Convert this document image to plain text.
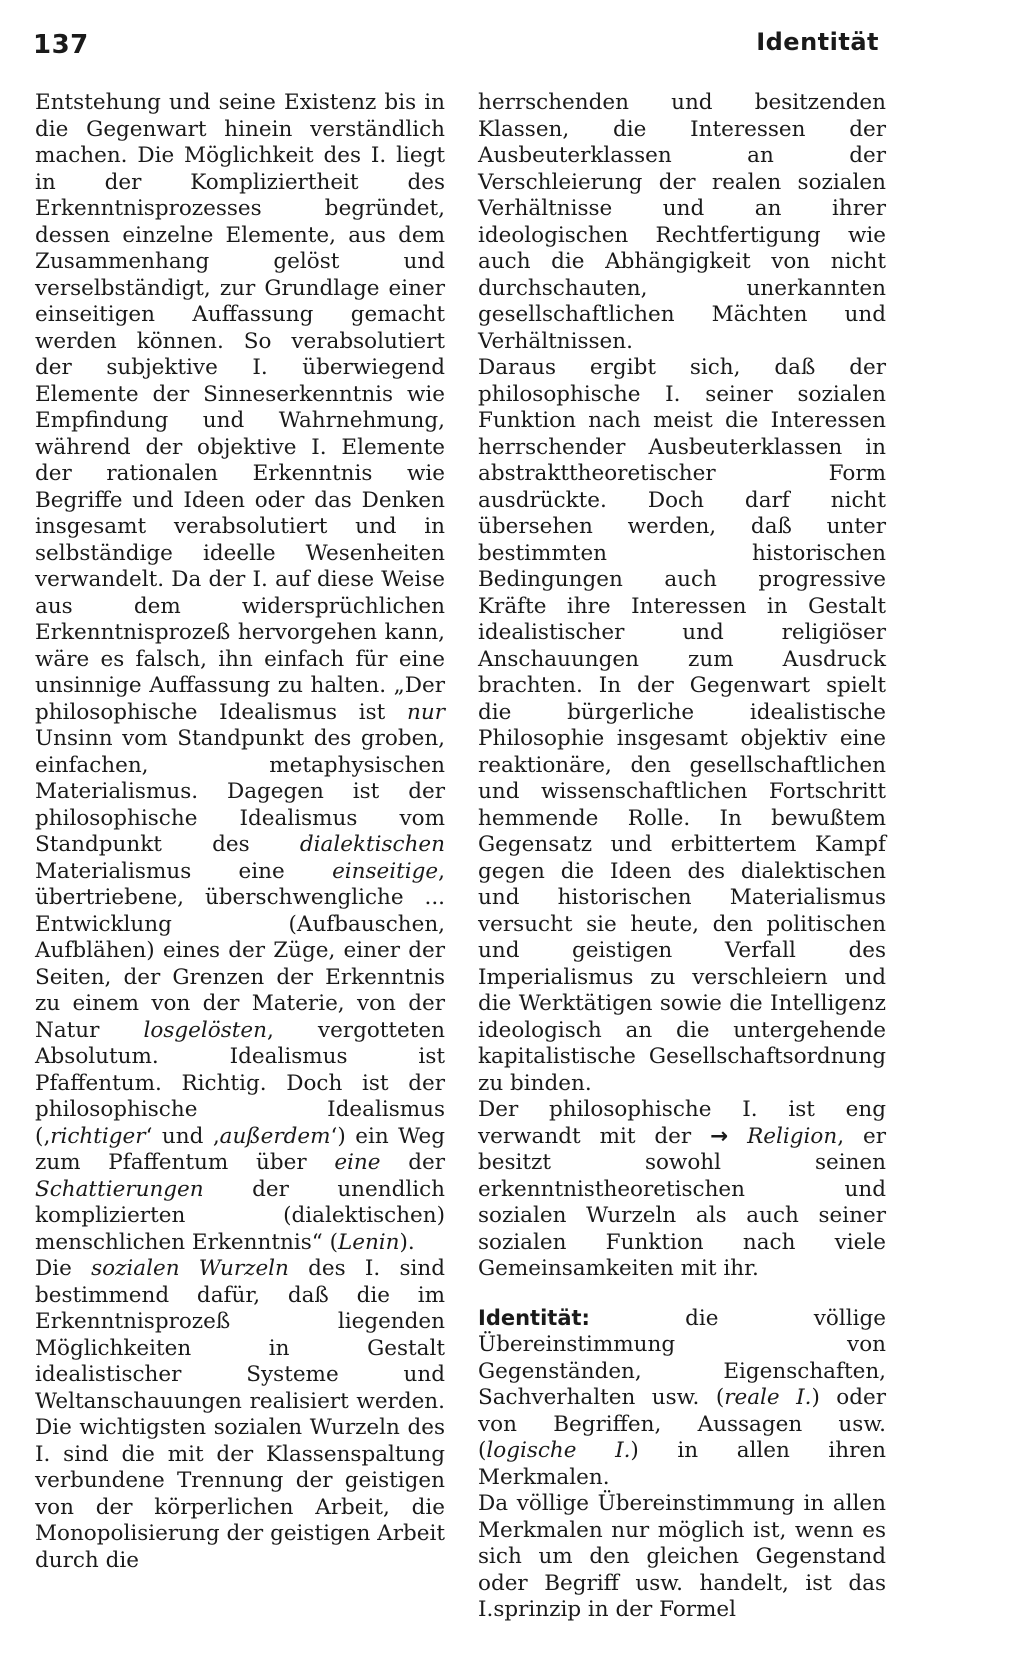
137	Identität

Entstehung und seine Existenz bis in die Gegenwart hinein verständlich machen. Die Möglichkeit des I. liegt in der Kompliziertheit des Erkenntnisprozesses begründet, dessen einzelne Elemente, aus dem Zusammenhang gelöst und verselbständigt, zur Grundlage einer einseitigen Auffassung gemacht werden können. So verabsolutiert der subjektive I. überwiegend Elemente der Sinneserkenntnis wie Empfindung und Wahrnehmung, während der objektive I. Elemente der rationalen Erkenntnis wie Begriffe und Ideen oder das Denken insgesamt verabsolutiert und in selbständige ideelle Wesenheiten verwandelt. Da der I. auf diese Weise aus dem widersprüchlichen Erkenntnisprozeß hervorgehen kann, wäre es falsch, ihn einfach für eine unsinnige Auffassung zu halten. „Der philosophische Idealismus ist nur Unsinn vom Standpunkt des groben, einfachen, metaphysischen Materialismus. Dagegen ist der philosophische Idealismus vom Standpunkt des dialektischen Materialismus eine einseitige, übertriebene, überschwengliche ... Entwicklung (Aufbauschen, Aufblähen) eines der Züge, einer der Seiten, der Grenzen der Erkenntnis zu einem von der Materie, von der Natur losgelösten, vergotteten Absolutum. Idealismus ist Pfaffentum. Richtig. Doch ist der philosophische Idealismus (‚richtiger‘ und ‚außerdem‘) ein Weg zum Pfaffentum über eine der Schattierungen der unendlich komplizierten (dialektischen) menschlichen Erkenntnis“ (Lenin).

Die sozialen Wurzeln des I. sind bestimmend dafür, daß die im Erkenntnisprozeß liegenden Möglichkeiten in Gestalt idealistischer Systeme und Weltanschauungen realisiert werden. Die wichtigsten sozialen Wurzeln des I. sind die mit der Klassenspaltung verbundene Trennung der geistigen von der körperlichen Arbeit, die Monopolisierung der geistigen Arbeit durch die

herrschenden und besitzenden Klassen, die Interessen der Ausbeuterklassen an der Verschleierung der realen sozialen Verhältnisse und an ihrer ideologischen Rechtfertigung wie auch die Abhängigkeit von nicht durchschauten, unerkannten gesellschaftlichen Mächten und Verhältnissen.

Daraus ergibt sich, daß der philosophische I. seiner sozialen Funktion nach meist die Interessen herrschender Ausbeuterklassen in abstrakttheoretischer Form ausdrückte. Doch darf nicht übersehen werden, daß unter bestimmten historischen Bedingungen auch progressive Kräfte ihre Interessen in Gestalt idealistischer und religiöser Anschauungen zum Ausdruck brachten. In der Gegenwart spielt die bürgerliche idealistische Philosophie insgesamt objektiv eine reaktionäre, den gesellschaftlichen und wissenschaftlichen Fortschritt hemmende Rolle. In bewußtem Gegensatz und erbittertem Kampf gegen die Ideen des dialektischen und historischen Materialismus versucht sie heute, den politischen und geistigen Verfall des Imperialismus zu verschleiern und die Werktätigen sowie die Intelligenz ideologisch an die untergehende kapitalistische Gesellschaftsordnung zu binden.

Der philosophische I. ist eng verwandt mit der → Religion, er besitzt sowohl seinen erkenntnistheoretischen und sozialen Wurzeln als auch seiner sozialen Funktion nach viele Gemeinsamkeiten mit ihr.

Identität: die völlige Übereinstimmung von Gegenständen, Eigenschaften, Sachverhalten usw. (reale I.) oder von Begriffen, Aussagen usw. (logische I.) in allen ihren Merkmalen.

Da völlige Übereinstimmung in allen Merkmalen nur möglich ist, wenn es sich um den gleichen Gegenstand oder Begriff usw. handelt, ist das I.sprinzip in der Formel
